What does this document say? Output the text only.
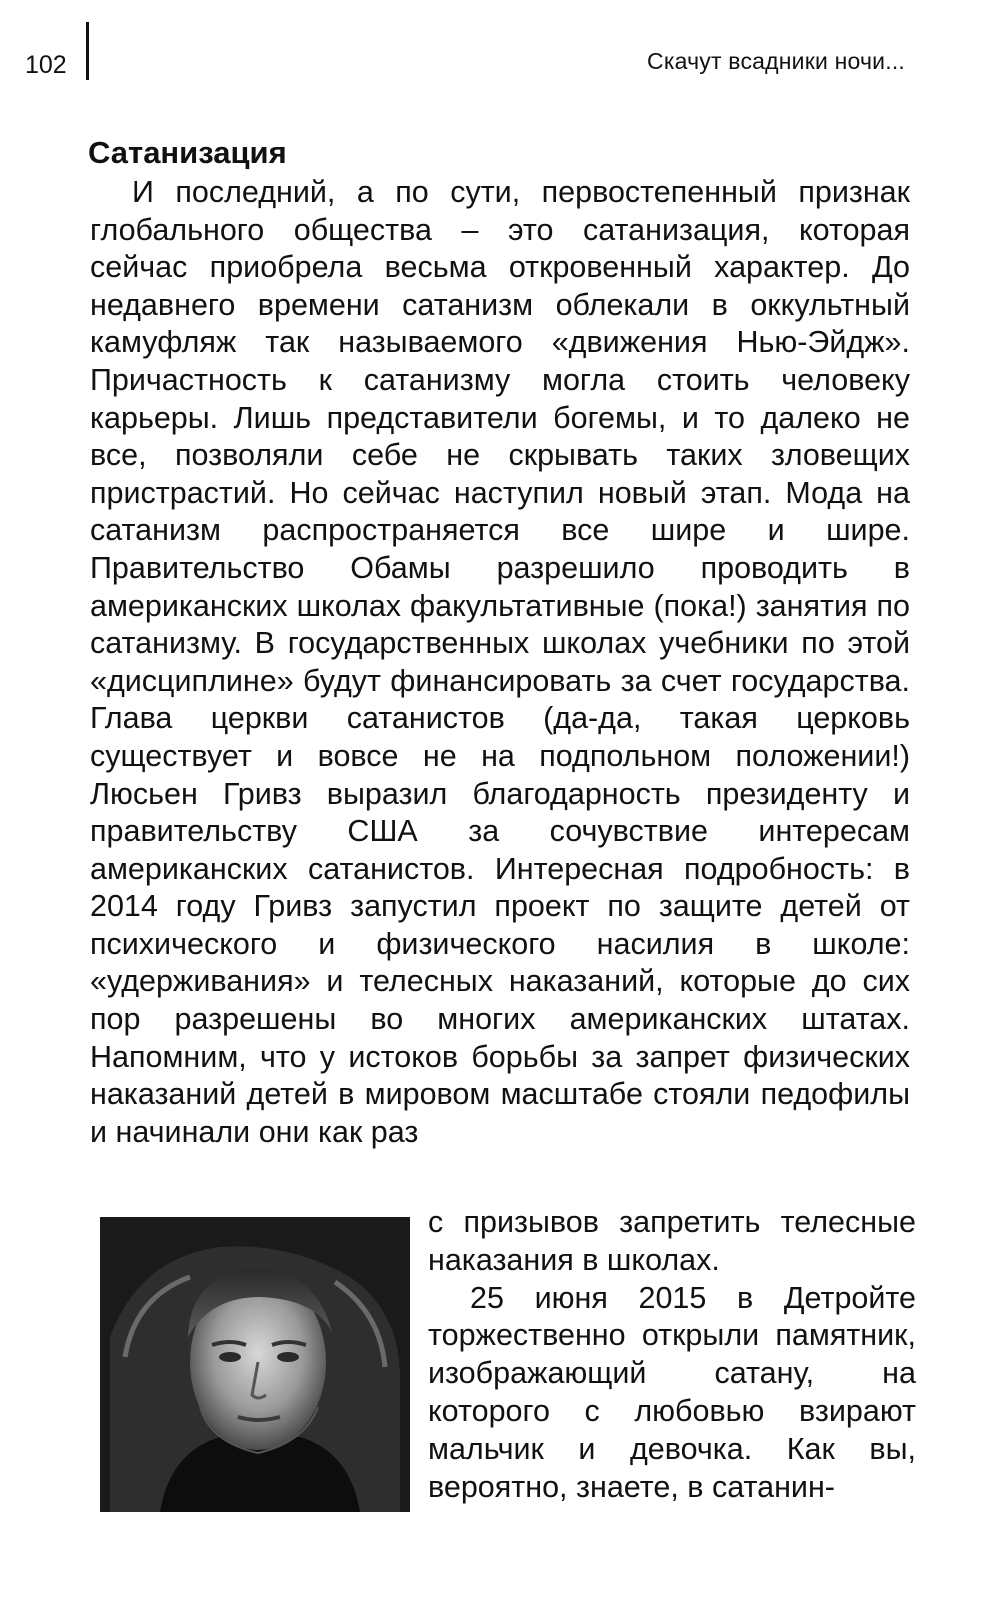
102	Скачут всадники ночи...
Сатанизация

И последний, а по сути, первостепенный признак глобального общества – это сатанизация, которая сейчас приобрела весьма откровенный характер. До недавнего времени сатанизм облекали в оккультный камуфляж так называемого «движения Нью-Эйдж». Причастность к сатанизму могла стоить человеку карьеры. Лишь представители богемы, и то далеко не все, позволяли себе не скрывать таких зловещих пристрастий. Но сейчас наступил новый этап. Мода на сатанизм распространяется все шире и шире. Правительство Обамы разрешило проводить в американских школах факультативные (пока!) занятия по сатанизму. В государственных школах учебники по этой «дисциплине» будут финансировать за счет государства. Глава церкви сатанистов (да-да, такая церковь существует и вовсе не на подпольном положении!) Люсьен Гривз выразил благодарность президенту и правительству США за сочувствие интересам американских сатанистов. Интересная подробность: в 2014 году Гривз запустил проект по защите детей от психического и физического насилия в школе: «удерживания» и телесных наказаний, которые до сих пор разрешены во многих американских штатах. Напомним, что у истоков борьбы за запрет физических наказаний детей в мировом масштабе стояли педофилы и начинали они как раз

с призывов запретить телесные наказания в школах.

25 июня 2015 в Детройте торжественно открыли памятник, изображающий сатану, на которого с любовью взирают мальчик и девочка. Как вы, вероятно, знаете, в сатанин-
